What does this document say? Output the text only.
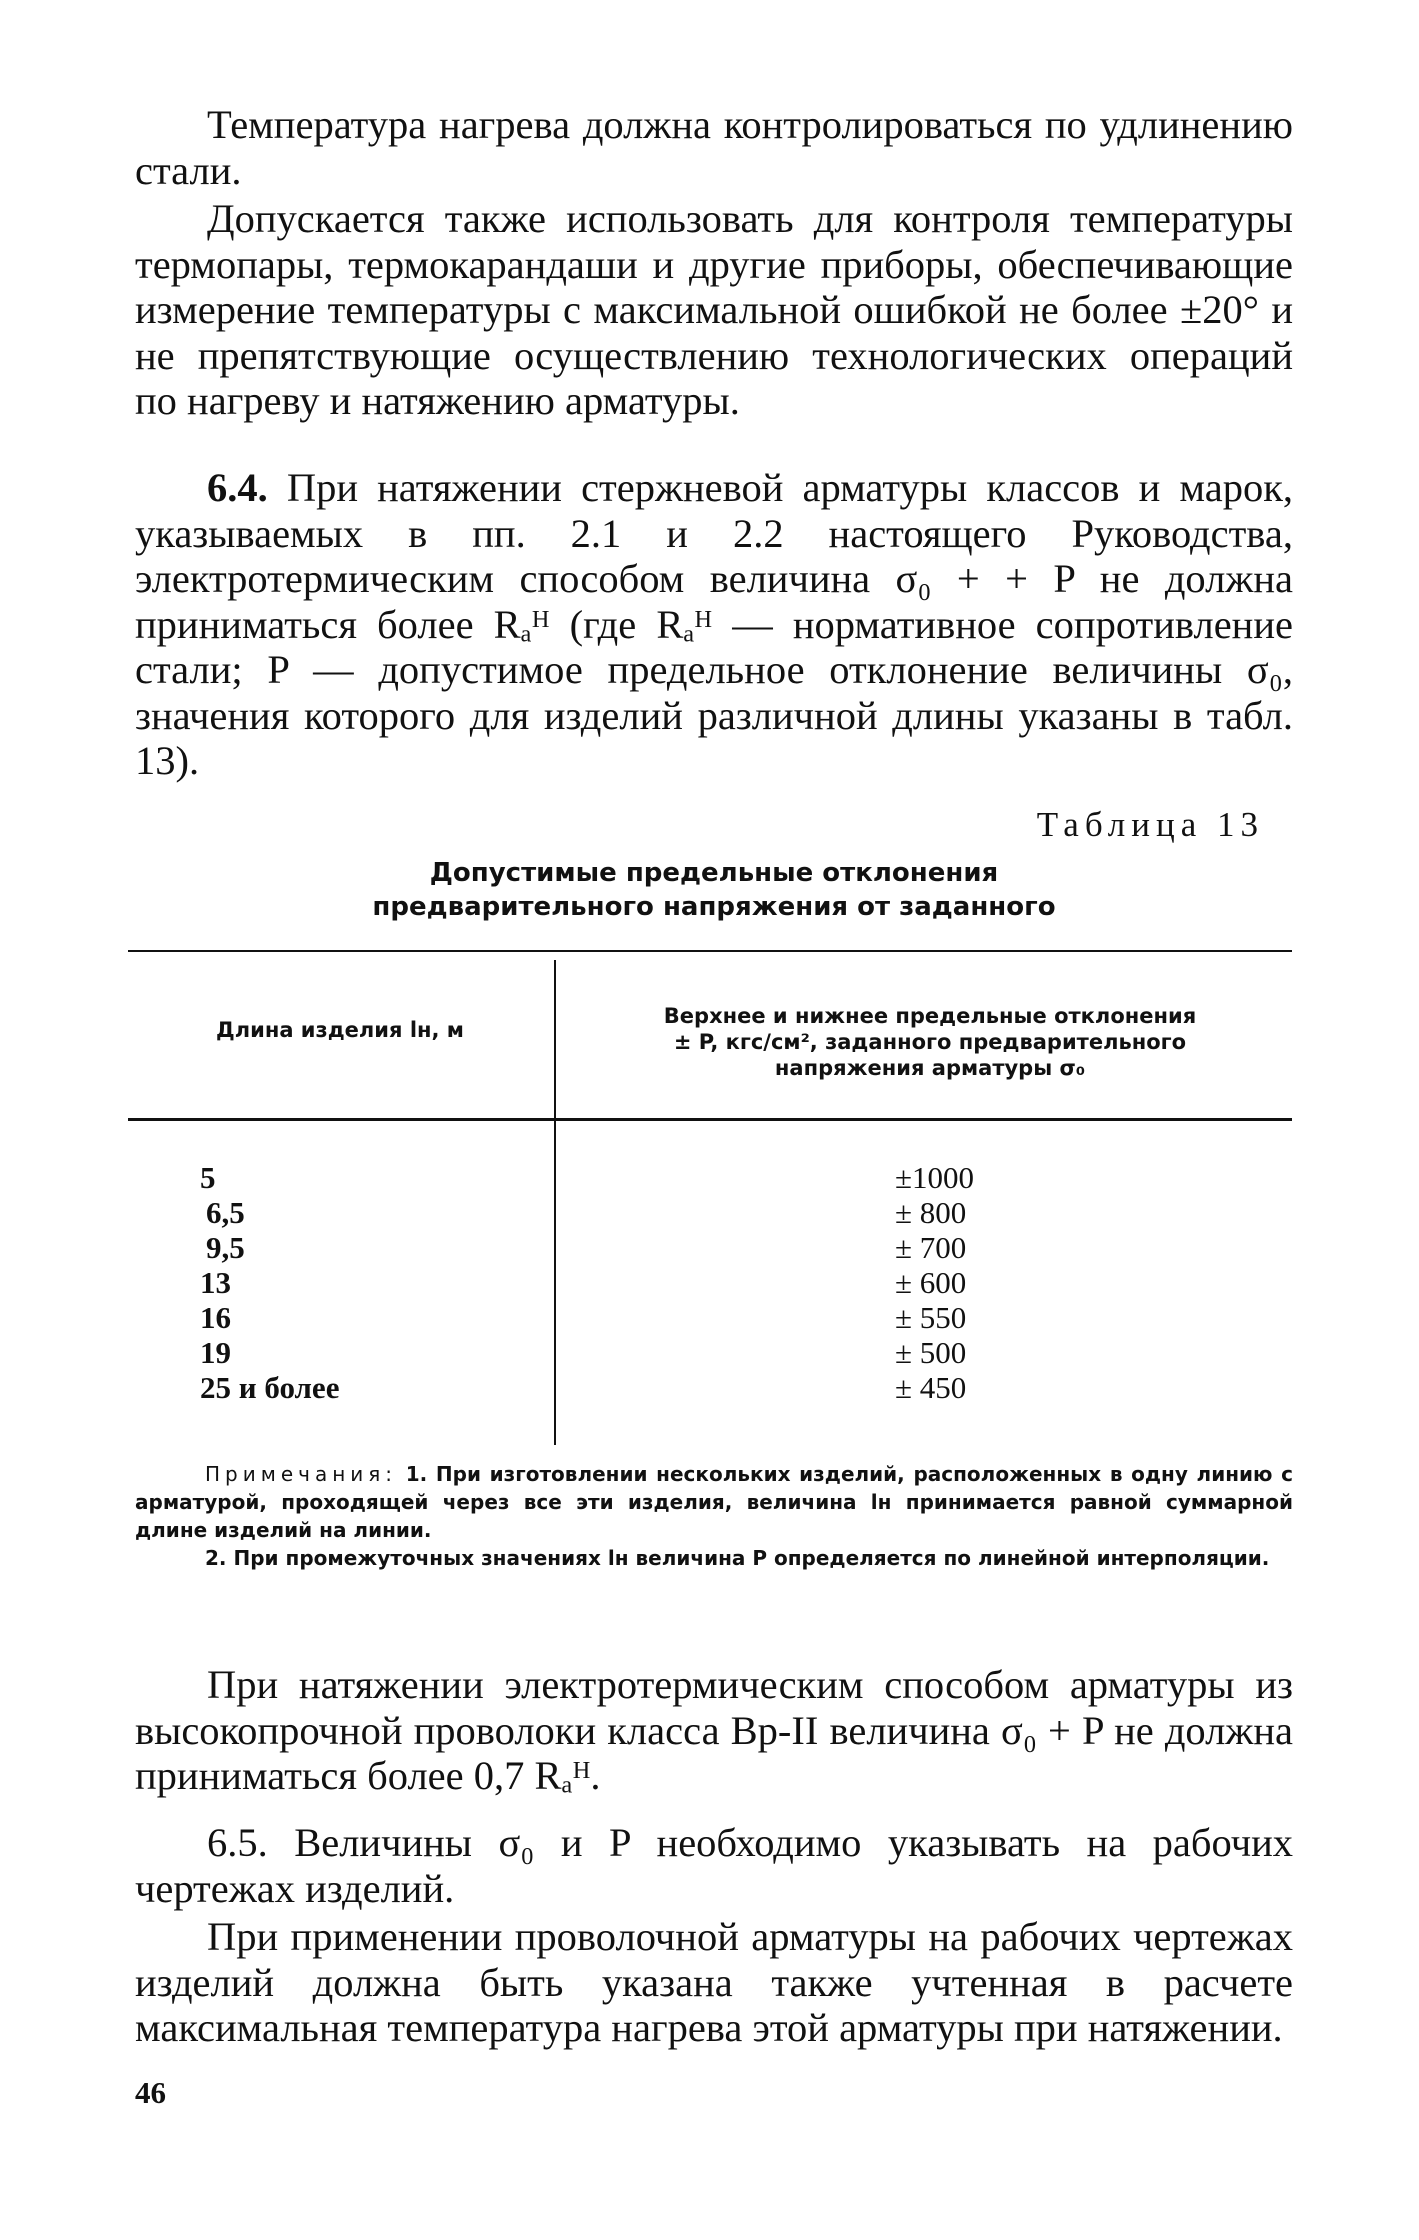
Температура нагрева должна контролироваться по удлинению стали.

Допускается также использовать для контроля температуры термопары, термокарандаши и другие приборы, обеспечивающие измерение температуры с максимальной ошибкой не более ±20° и не препятствующие осуществлению технологических операций по нагреву и натяжению арматуры.

6.4. При натяжении стержневой арматуры классов и марок, указываемых в пп. 2.1 и 2.2 настоящего Руководства, электротермическим способом величина σ₀ + + P не должна приниматься более Rₐᴴ (где Rₐᴴ — нормативное сопротивление стали; P — допустимое предельное отклонение величины σ₀, значения которого для изделий различной длины указаны в табл. 13).

Таблица 13
Допустимые предельные отклонения
предварительного напряжения от заданного
Длина изделия lн, м
Верхнее и нижнее предельные отклонения
± P, кгс/см², заданного предварительного
напряжения арматуры σ₀
5
6,5
9,5
13
16
19
25 и более
±1000
± 800
± 700
± 600
± 550
± 500
± 450

Примечания: 1. При изготовлении нескольких изделий, расположенных в одну линию с арматурой, проходящей через все эти изделия, величина lн принимается равной суммарной длине изделий на линии.

2. При промежуточных значениях lн величина P определяется по линейной интерполяции.

При натяжении электротермическим способом арматуры из высокопрочной проволоки класса Вр-II величина σ₀ + P не должна приниматься более 0,7 Rₐᴴ.

6.5. Величины σ₀ и P необходимо указывать на рабочих чертежах изделий.

При применении проволочной арматуры на рабочих чертежах изделий должна быть указана также учтенная в расчете максимальная температура нагрева этой арматуры при натяжении.

46
